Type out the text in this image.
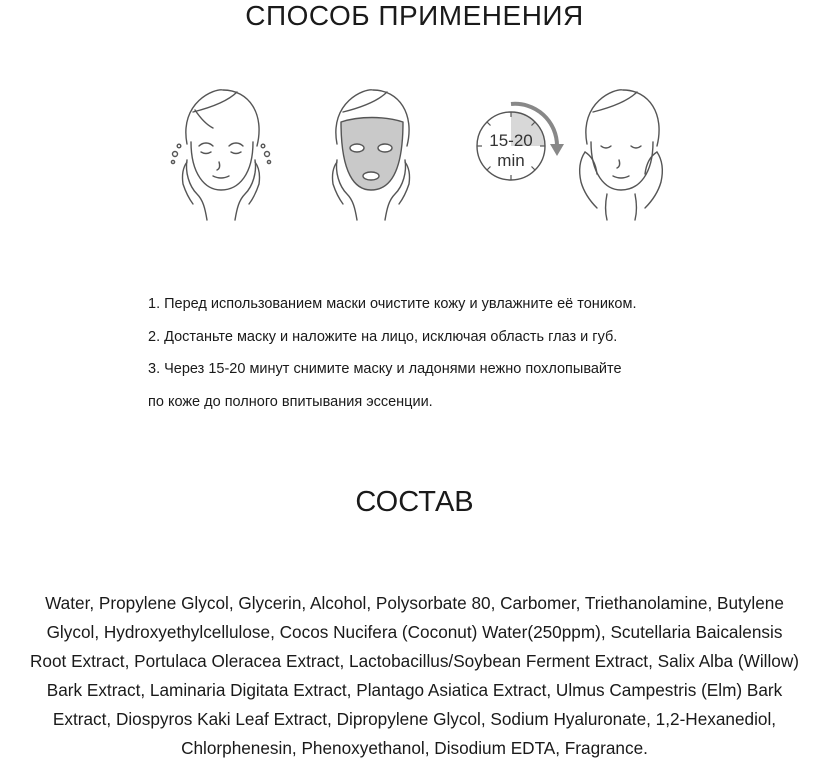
СПОСОБ ПРИМЕНЕНИЯ
15-20
min
1. Перед использованием маски очистите кожу и увлажните её тоником.
2. Достаньте маску и наложите на лицо, исключая область глаз и губ.
3. Через 15-20 минут снимите маску и ладонями нежно похлопывайте
по коже до полного впитывания эссенции.
СОСТАВ
Water, Propylene Glycol, Glycerin, Alcohol, Polysorbate 80, Carbomer, Triethanolamine, Butylene
Glycol, Hydroxyethylcellulose, Cocos Nucifera (Coconut) Water(250ppm), Scutellaria Baicalensis
Root Extract, Portulaca Oleracea Extract, Lactobacillus/Soybean Ferment Extract, Salix Alba (Willow)
Bark Extract, Laminaria Digitata Extract, Plantago Asiatica Extract, Ulmus Campestris (Elm) Bark
Extract, Diospyros Kaki Leaf Extract, Dipropylene Glycol, Sodium Hyaluronate, 1,2-Hexanediol,
Chlorphenesin, Phenoxyethanol, Disodium EDTA, Fragrance.
